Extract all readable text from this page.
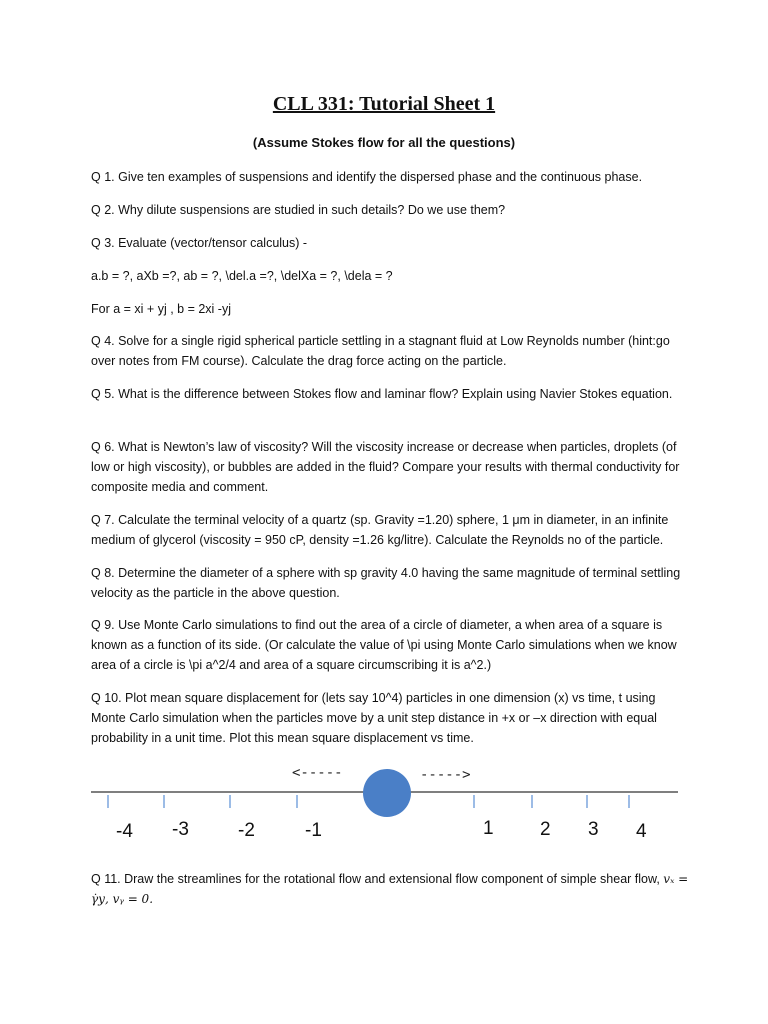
CLL 331: Tutorial Sheet 1
(Assume Stokes flow for all the questions)

Q 1. Give ten examples of suspensions and identify the dispersed phase and the continuous phase.

Q 2. Why dilute suspensions are studied in such details? Do we use them?

Q 3. Evaluate (vector/tensor calculus) -

a.b = ?, aXb =?, ab = ?, \del.a =?, \delXa = ?, \dela = ?

For a = xi + yj , b = 2xi -yj

Q 4. Solve for a single rigid spherical particle settling in a stagnant fluid at Low Reynolds number (hint:go over notes from FM course). Calculate the drag force acting on the particle.

Q 5. What is the difference between Stokes flow and laminar flow? Explain using Navier Stokes equation.

Q 6. What is Newton’s law of viscosity? Will the viscosity increase or decrease when particles, droplets (of low or high viscosity), or bubbles are added in the fluid? Compare your results with thermal conductivity for composite media and comment.

Q 7. Calculate the terminal velocity of a quartz (sp. Gravity =1.20) sphere, 1 μm in diameter, in an infinite medium of glycerol (viscosity = 950 cP, density =1.26 kg/litre). Calculate the Reynolds no of the particle.

Q 8. Determine the diameter of a sphere with sp gravity 4.0 having the same magnitude of terminal settling velocity as the particle in the above question.

Q 9. Use Monte Carlo simulations to find out the area of a circle of diameter, a when area of a square is known as a function of its side. (Or calculate the value of \pi using Monte Carlo simulations when we know area of a circle is \pi a^2/4 and area of a square circumscribing it is a^2.)

Q 10. Plot mean square displacement for (lets say 10^4) particles in one dimension (x) vs time, t using Monte Carlo simulation when the particles move by a unit step distance in +x or –x direction with equal probability in a unit time. Plot this mean square displacement vs time.

<-----	----->
-4 -3	-2	-1	1 2 3 4

Q 11. Draw the streamlines for the rotational flow and extensional flow component of simple shear flow, 𝑣ₓ = γ̇𝑦, 𝑣ᵧ = 0.
